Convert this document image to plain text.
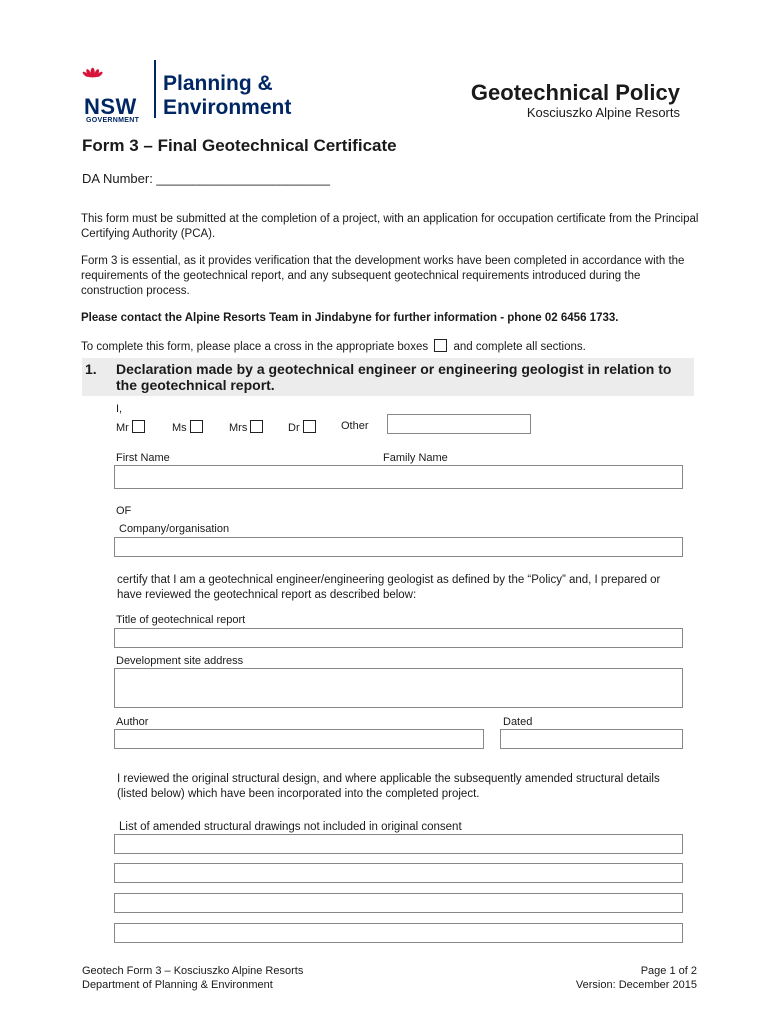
NSW
GOVERNMENT
Planning &
Environment
Geotechnical Policy
Kosciuszko Alpine Resorts
Form 3 – Final Geotechnical Certificate
DA Number: ________________________
This form must be submitted at the completion of a project, with an application for occupation certificate from the Principal Certifying Authority (PCA).
Form 3 is essential, as it provides verification that the development works have been completed in accordance with the requirements of the geotechnical report, and any subsequent geotechnical requirements introduced during the construction process.
Please contact the Alpine Resorts Team in Jindabyne for further information - phone 02 6456 1733.
To complete this form, please place a cross in the appropriate boxes and complete all sections.
1. Declaration made by a geotechnical engineer or engineering geologist in relation to the geotechnical report.
I,
Mr	Ms	Mrs	Dr	Other
First Name	Family Name
OF
Company/organisation
certify that I am a geotechnical engineer/engineering geologist as defined by the “Policy” and, I prepared or have reviewed the geotechnical report as described below:
Title of geotechnical report
Development site address
Author	Dated
I reviewed the original structural design, and where applicable the subsequently amended structural details (listed below) which have been incorporated into the completed project.
List of amended structural drawings not included in original consent
Geotech Form 3 – Kosciuszko Alpine Resorts
Department of Planning & Environment
Page 1 of 2
Version: December 2015
